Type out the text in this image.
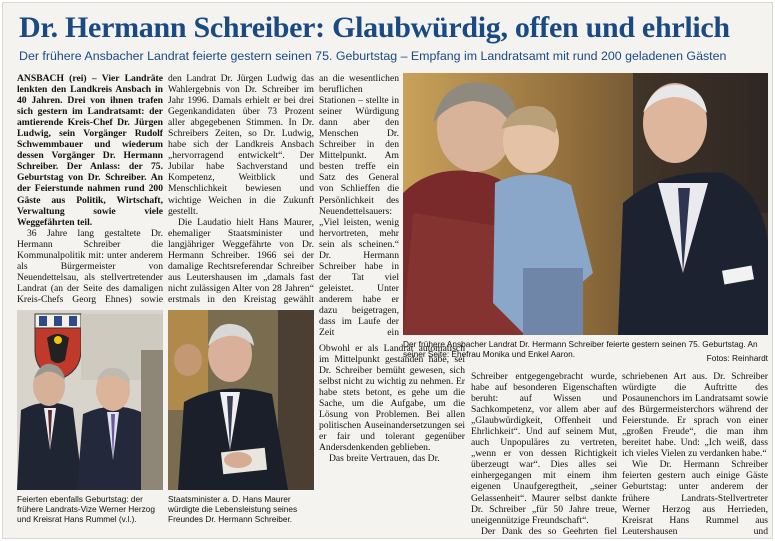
Dr. Hermann Schreiber: Glaubwürdig, offen und ehrlich
Der frühere Ansbacher Landrat feierte gestern seinen 75. Geburtstag – Empfang im Landratsamt mit rund 200 geladenen Gästen

ANSBACH (rei) – Vier Landräte lenkten den Landkreis Ansbach in 40 Jahren. Drei von ihnen trafen sich gestern im Landratsamt: der amtierende Kreis-Chef Dr. Jürgen Ludwig, sein Vorgänger Rudolf Schwemmbauer und wiederum dessen Vorgänger Dr. Hermann Schreiber. Der Anlass: der 75. Geburtstag von Dr. Schreiber. An der Feierstunde nahmen rund 200 Gäste aus Politik, Wirtschaft, Verwaltung sowie viele Weggefährten teil.

36 Jahre lang gestaltete Dr. Hermann Schreiber die Kommunalpolitik mit: unter anderem als Bürgermeister von Neuendettelsau, als stellvertretender Landrat (an der Seite des damaligen Kreis-Chefs Georg Ehnes) sowie

den Landrat Dr. Jürgen Ludwig das Wahlergebnis von Dr. Schreiber im Jahr 1996. Damals erhielt er bei drei Gegenkandidaten über 73 Prozent aller abgegebenen Stimmen. In Dr. Schreibers Zeiten, so Dr. Ludwig, habe sich der Landkreis Ansbach „hervorragend entwickelt“. Der Jubilar habe Sachverstand und Kompetenz, Weitblick und Menschlichkeit bewiesen und wichtige Weichen in die Zukunft gestellt.

Die Laudatio hielt Hans Maurer, ehemaliger Staatsminister und langjähriger Weggefährte von Dr. Hermann Schreiber. 1966 sei der damalige Rechtsreferendar Schreiber aus Leutershausen im „damals fast nicht zulässigen Alter von 28 Jahren“ erstmals in den Kreistag gewählt

an die wesentlichen beruflichen Stationen – stellte in seiner Würdigung dann aber den Menschen Dr. Schreiber in den Mittelpunkt. Am besten treffe ein Satz des General von Schlieffen die Persönlichkeit des Neuendettelsauers: „Viel leisten, wenig hervortreten, mehr sein als scheinen.“ Dr. Hermann Schreiber habe in der Tat viel geleistet. Unter anderem habe er dazu beigetragen, dass im Laufe der Zeit ein

Obwohl er als Landrat automatisch im Mittelpunkt gestanden habe, sei Dr. Schreiber bemüht gewesen, sich selbst nicht zu wichtig zu nehmen. Er habe stets betont, es gehe um die Sache, um die Aufgabe, um die Lösung von Problemen. Bei allen politischen Auseinandersetzungen sei er fair und tolerant gegenüber Andersdenkenden geblieben.

Das breite Vertrauen, das Dr.

Schreiber entgegengebracht wurde, habe auf besonderen Eigenschaften beruht: auf Wissen und Sachkompetenz, vor allem aber auf „Glaubwürdigkeit, Offenheit und Ehrlichkeit“. Und auf seinem Mut, auch Unpopuläres zu vertreten, „wenn er von dessen Richtigkeit überzeugt war“. Dies alles sei einhergegangen mit einem ihm eigenen Unaufgeregtheit, „seiner Gelassenheit“. Maurer selbst dankte Dr. Schreiber „für 50 Jahre treue, uneigennützige Freundschaft“.

Der Dank des so Geehrten fiel

schriebenen Art aus. Dr. Schreiber würdigte die Auftritte des Posaunenchors im Landratsamt sowie des Bürgermeisterchors während der Feierstunde. Er sprach von einer „großen Freude“, die man ihm bereitet habe. Und: „Ich weiß, dass ich vieles Vielen zu verdanken habe.“

Wie Dr. Hermann Schreiber feierten gestern auch einige Gäste Geburtstag: unter anderem der frühere Landrats-Stellvertreter Werner Herzog aus Herrieden, Kreisrat Hans Rummel aus Leutershausen und

Der frühere Ansbacher Landrat Dr. Hermann Schreiber feierte gestern seinen 75. Geburtstag. An seiner Seite: Ehefrau Monika und Enkel Aaron.	Fotos: Reinhardt
Feierten ebenfalls Geburtstag: der frühere Landrats-Vize Werner Herzog und Kreisrat Hans Rummel (v.l.).
Staatsminister a. D. Hans Maurer würdigte die Lebensleistung seines Freundes Dr. Hermann Schreiber.
